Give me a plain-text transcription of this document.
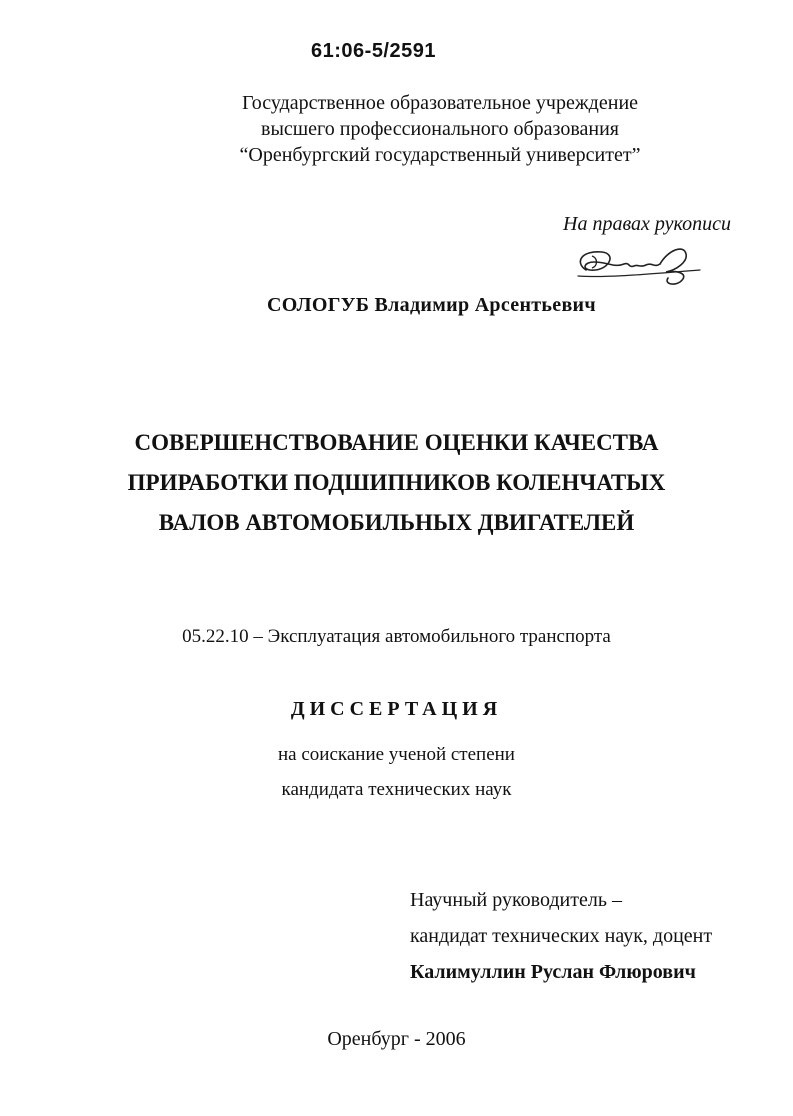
61:06-5/2591
Государственное образовательное учреждение
высшего профессионального образования
“Оренбургский государственный университет”
На правах рукописи
СОЛОГУБ Владимир Арсентьевич
СОВЕРШЕНСТВОВАНИЕ ОЦЕНКИ КАЧЕСТВА
ПРИРАБОТКИ ПОДШИПНИКОВ КОЛЕНЧАТЫХ
ВАЛОВ АВТОМОБИЛЬНЫХ ДВИГАТЕЛЕЙ
05.22.10 – Эксплуатация автомобильного транспорта
ДИССЕРТАЦИЯ
на соискание ученой степени
кандидата технических наук
Научный руководитель –
кандидат технических наук, доцент
Калимуллин Руслан Флюрович
Оренбург - 2006
